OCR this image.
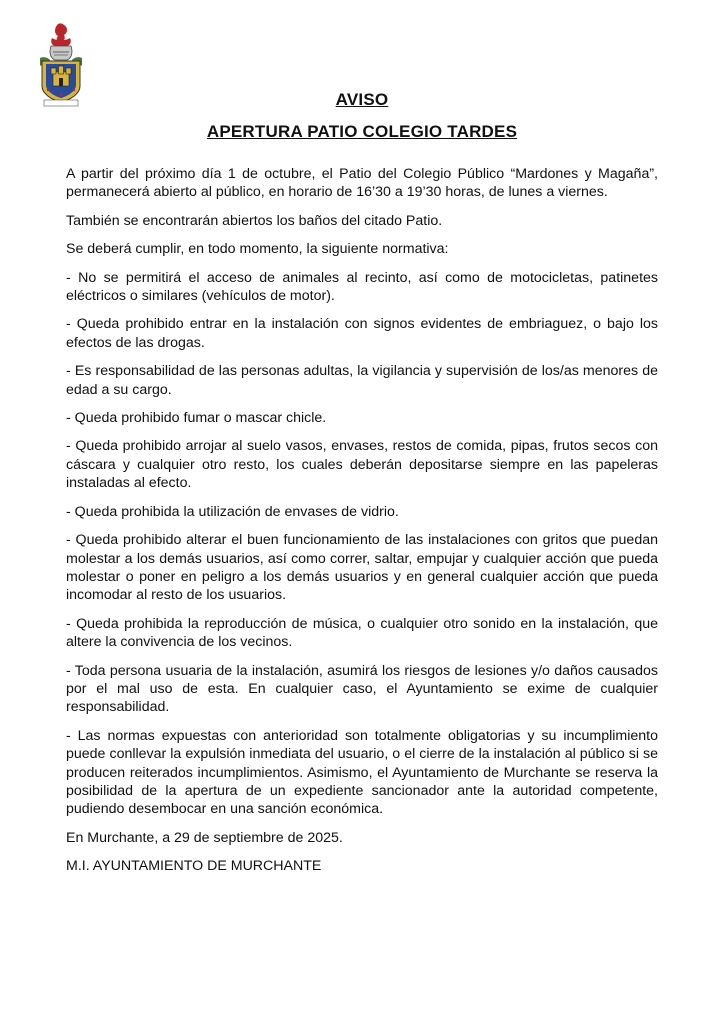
AVISO
APERTURA PATIO COLEGIO TARDES

A partir del próximo día 1 de octubre, el Patio del Colegio Público “Mardones y Magaña”, permanecerá abierto al público, en horario de 16’30 a 19’30 horas, de lunes a viernes.

También se encontrarán abiertos los baños del citado Patio.

Se deberá cumplir, en todo momento, la siguiente normativa:

- No se permitirá el acceso de animales al recinto, así como de motocicletas, patinetes eléctricos o similares (vehículos de motor).

- Queda prohibido entrar en la instalación con signos evidentes de embriaguez, o bajo los efectos de las drogas.

- Es responsabilidad de las personas adultas, la vigilancia y supervisión de los/as menores de edad a su cargo.

- Queda prohibido fumar o mascar chicle.

- Queda prohibido arrojar al suelo vasos, envases, restos de comida, pipas, frutos secos con cáscara y cualquier otro resto, los cuales deberán depositarse siempre en las papeleras instaladas al efecto.

- Queda prohibida la utilización de envases de vidrio.

- Queda prohibido alterar el buen funcionamiento de las instalaciones con gritos que puedan molestar a los demás usuarios, así como correr, saltar, empujar y cualquier acción que pueda molestar o poner en peligro a los demás usuarios y en general cualquier acción que pueda incomodar al resto de los usuarios.

- Queda prohibida la reproducción de música, o cualquier otro sonido en la instalación, que altere la convivencia de los vecinos.

- Toda persona usuaria de la instalación, asumirá los riesgos de lesiones y/o daños causados por el mal uso de esta. En cualquier caso, el Ayuntamiento se exime de cualquier responsabilidad.

- Las normas expuestas con anterioridad son totalmente obligatorias y su incumplimiento puede conllevar la expulsión inmediata del usuario, o el cierre de la instalación al público si se producen reiterados incumplimientos. Asimismo, el Ayuntamiento de Murchante se reserva la posibilidad de la apertura de un expediente sancionador ante la autoridad competente, pudiendo desembocar en una sanción económica.

En Murchante, a 29 de septiembre de 2025.

M.I. AYUNTAMIENTO DE MURCHANTE
